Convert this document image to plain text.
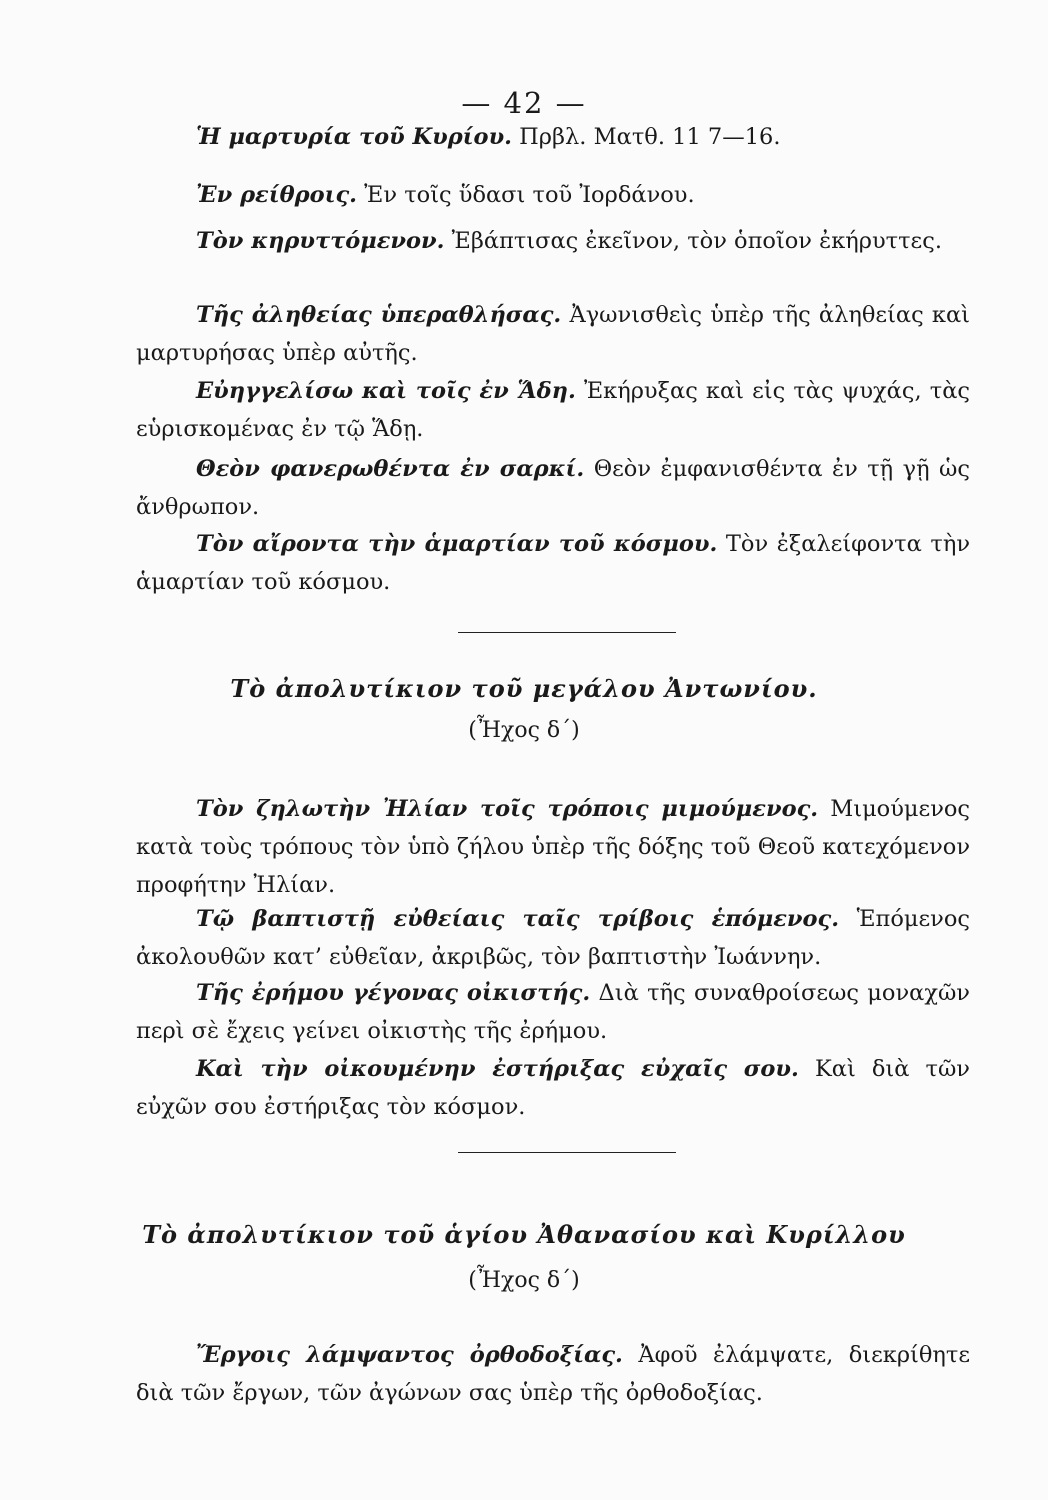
— 42 —

Ἡ μαρτυρία τοῦ Κυρίου. Πρβλ. Ματθ. 11 7—16.

Ἐν ρείθροις. Ἐν τοῖς ὕδασι τοῦ Ἰορδάνου.

Τὸν κηρυττόμενον. Ἐβάπτισας ἐκεῖνον, τὸν ὁποῖον ἐκήρυττες.

Τῆς ἀληθείας ὑπεραθλήσας. Ἀγωνισθεὶς ὑπὲρ τῆς ἀληθείας καὶ μαρτυρήσας ὑπὲρ αὐτῆς.

Εὐηγγελίσω καὶ τοῖς ἐν Ἅδη. Ἐκήρυξας καὶ εἰς τὰς ψυχάς, τὰς εὑρισκομένας ἐν τῷ Ἅδῃ.

Θεὸν φανερωθέντα ἐν σαρκί. Θεὸν ἐμφανισθέντα ἐν τῇ γῇ ὡς ἄνθρωπον.

Τὸν αἴροντα τὴν ἁμαρτίαν τοῦ κόσμου. Τὸν ἐξαλείφοντα τὴν ἁμαρτίαν τοῦ κόσμου.

Τὸ ἀπολυτίκιον τοῦ μεγάλου Ἀντωνίου.
(Ἦχος δ΄)

Τὸν ζηλωτὴν Ἠλίαν τοῖς τρόποις μιμούμενος. Μιμούμενος κατὰ τοὺς τρόπους τὸν ὑπὸ ζήλου ὑπὲρ τῆς δόξης τοῦ Θεοῦ κατεχόμενον προφήτην Ἠλίαν.

Τῷ βαπτιστῇ εὐθείαις ταῖς τρίβοις ἑπόμενος. Ἑπόμενος ἀκολουθῶν κατ’ εὐθεῖαν, ἀκριβῶς, τὸν βαπτιστὴν Ἰωάννην.

Τῆς ἐρήμου γέγονας οἰκιστής. Διὰ τῆς συναθροίσεως μοναχῶν περὶ σὲ ἔχεις γείνει οἰκιστὴς τῆς ἐρήμου.

Καὶ τὴν οἰκουμένην ἐστήριξας εὐχαῖς σου. Καὶ διὰ τῶν εὐχῶν σου ἐστήριξας τὸν κόσμον.

Τὸ ἀπολυτίκιον τοῦ ἁγίου Ἀθανασίου καὶ Κυρίλλου
(Ἦχος δ΄)

Ἔργοις λάμψαντος ὀρθοδοξίας. Ἀφοῦ ἐλάμψατε, διεκρίθητε διὰ τῶν ἔργων, τῶν ἀγώνων σας ὑπὲρ τῆς ὀρθοδοξίας.
